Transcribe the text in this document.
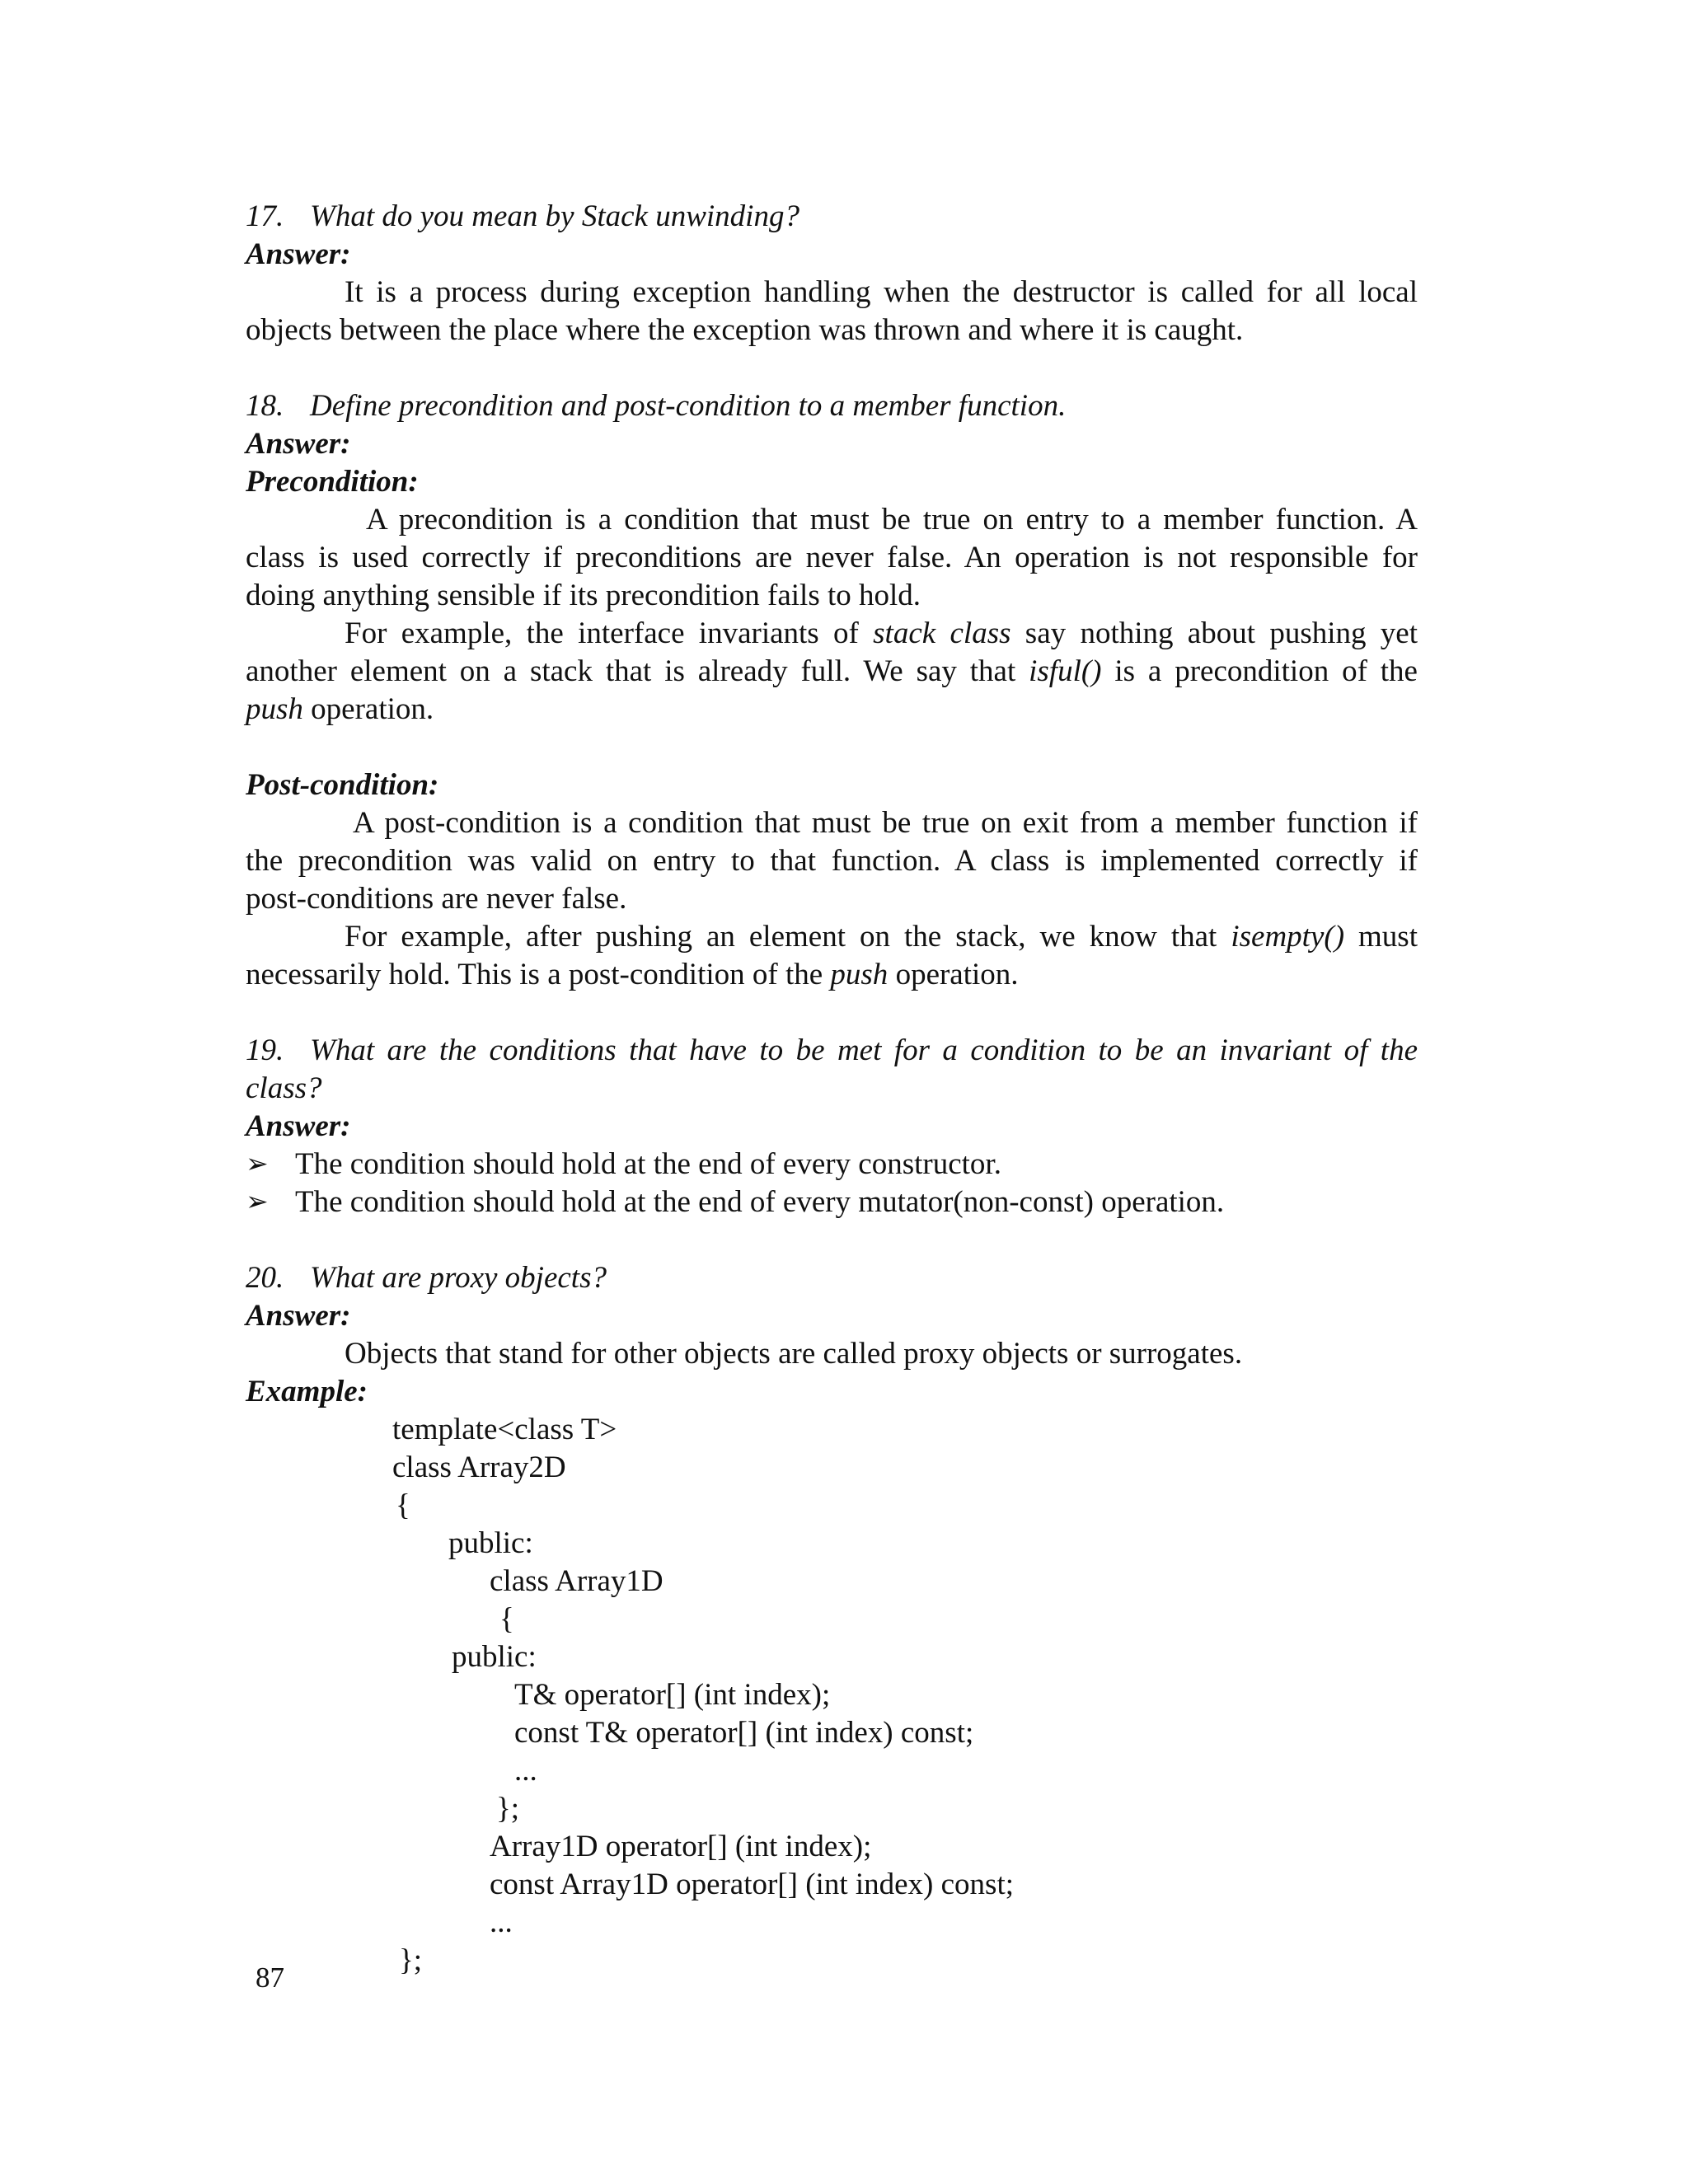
17. What do you mean by Stack unwinding?
Answer:
It is a process during exception handling when the destructor is called for all local
objects between the place where the exception was thrown and where it is caught.
18. Define precondition and post-condition to a member function.
Answer:
Precondition:
A precondition is a condition that must be true on entry to a member function. A
class is used correctly if preconditions are never false. An operation is not responsible for
doing anything sensible if its precondition fails to hold.
For example, the interface invariants of stack class say nothing about pushing yet
another element on a stack that is already full. We say that isful() is a precondition of the
push operation.
Post-condition:
A post-condition is a condition that must be true on exit from a member function if
the precondition was valid on entry to that function. A class is implemented correctly if
post-conditions are never false.
For example, after pushing an element on the stack, we know that isempty() must
necessarily hold. This is a post-condition of the push operation.
19. What are the conditions that have to be met for a condition to be an invariant of the
class?
Answer:
➢ The condition should hold at the end of every constructor.
➢ The condition should hold at the end of every mutator(non-const) operation.
20. What are proxy objects?
Answer:
Objects that stand for other objects are called proxy objects or surrogates.
Example:
template<class T>
class Array2D
{
public:
class Array1D
{
public:
T& operator[] (int index);
const T& operator[] (int index) const;
...
};
Array1D operator[] (int index);
const Array1D operator[] (int index) const;
...
};
87
